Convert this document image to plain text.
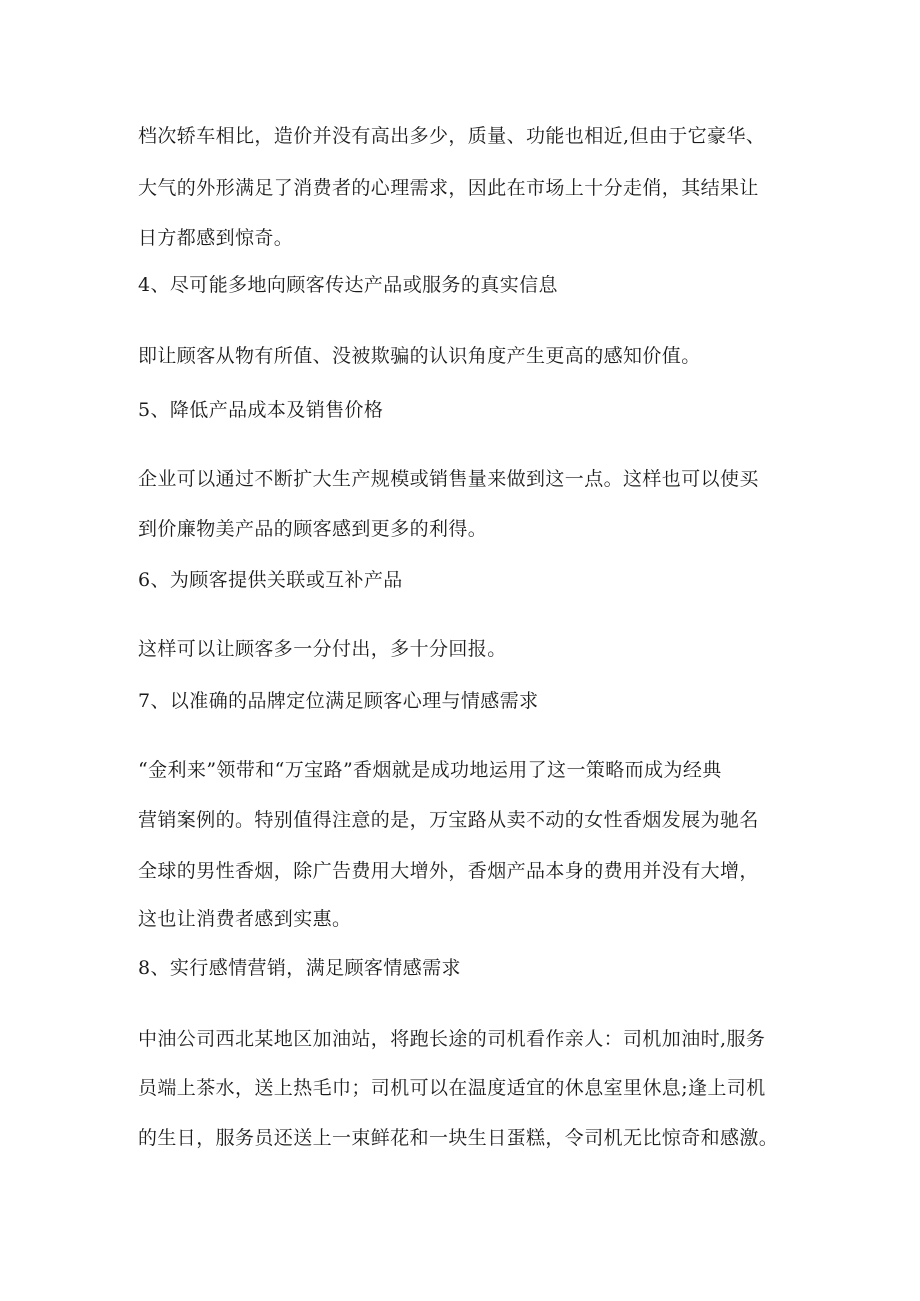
档次轿车相比，造价并没有高出多少，质量、功能也相近,但由于它豪华、
大气的外形满足了消费者的心理需求，因此在市场上十分走俏，其结果让
日方都感到惊奇。
4、尽可能多地向顾客传达产品或服务的真实信息
即让顾客从物有所值、没被欺骗的认识角度产生更高的感知价值。
5、降低产品成本及销售价格
企业可以通过不断扩大生产规模或销售量来做到这一点。这样也可以使买
到价廉物美产品的顾客感到更多的利得。
6、为顾客提供关联或互补产品
这样可以让顾客多一分付出，多十分回报。
7、以准确的品牌定位满足顾客心理与情感需求
“金利来”领带和“万宝路”香烟就是成功地运用了这一策略而成为经典
营销案例的。特别值得注意的是，万宝路从卖不动的女性香烟发展为驰名
全球的男性香烟，除广告费用大增外，香烟产品本身的费用并没有大增，
这也让消费者感到实惠。
8、实行感情营销，满足顾客情感需求
中油公司西北某地区加油站，将跑长途的司机看作亲人：司机加油时,服务
员端上茶水，送上热毛巾；司机可以在温度适宜的休息室里休息;逢上司机
的生日，服务员还送上一束鲜花和一块生日蛋糕，令司机无比惊奇和感激。
